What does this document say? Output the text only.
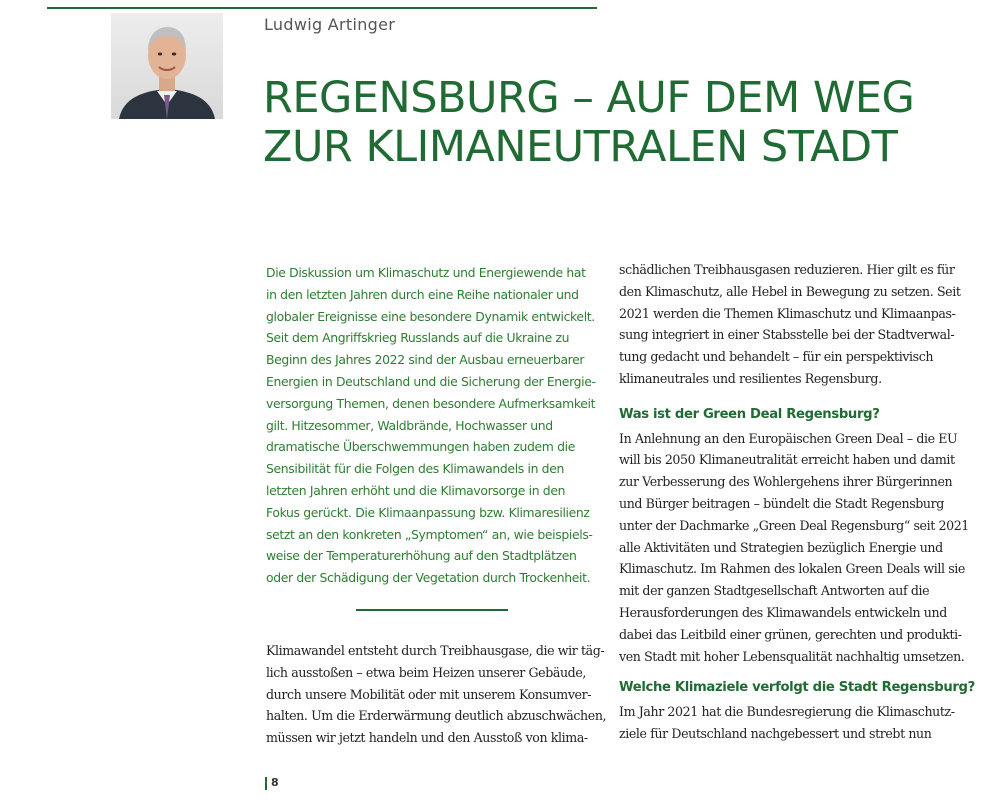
Ludwig Artinger
REGENSBURG – AUF DEM WEG
ZUR KLIMANEUTRALEN STADT
Die Diskussion um Klimaschutz und Energiewende hat
in den letzten Jahren durch eine Reihe nationaler und
globaler Ereignisse eine besondere Dynamik entwickelt.
Seit dem Angriffskrieg Russlands auf die Ukraine zu
Beginn des Jahres 2022 sind der Ausbau erneuerbarer
Energien in Deutschland und die Sicherung der Energie-
versorgung Themen, denen besondere Aufmerksamkeit
gilt. Hitzesommer, Waldbrände, Hochwasser und
dramatische Überschwemmungen haben zudem die
Sensibilität für die Folgen des Klimawandels in den
letzten Jahren erhöht und die Klimavorsorge in den
Fokus gerückt. Die Klimaanpassung bzw. Klimaresilienz
setzt an den konkreten „Symptomen“ an, wie beispiels-
weise der Temperaturerhöhung auf den Stadtplätzen
oder der Schädigung der Vegetation durch Trockenheit.
Klimawandel entsteht durch Treibhausgase, die wir täg-
lich ausstoßen – etwa beim Heizen unserer Gebäude,
durch unsere Mobilität oder mit unserem Konsumver-
halten. Um die Erderwärmung deutlich abzuschwächen,
müssen wir jetzt handeln und den Ausstoß von klima-
schädlichen Treibhausgasen reduzieren. Hier gilt es für
den Klimaschutz, alle Hebel in Bewegung zu setzen. Seit
2021 werden die Themen Klimaschutz und Klimaanpas-
sung integriert in einer Stabsstelle bei der Stadtverwal-
tung gedacht und behandelt – für ein perspektivisch
klimaneutrales und resilientes Regensburg.
Was ist der Green Deal Regensburg?
In Anlehnung an den Europäischen Green Deal – die EU
will bis 2050 Klimaneutralität erreicht haben und damit
zur Verbesserung des Wohlergehens ihrer Bürgerinnen
und Bürger beitragen – bündelt die Stadt Regensburg
unter der Dachmarke „Green Deal Regensburg“ seit 2021
alle Aktivitäten und Strategien bezüglich Energie und
Klimaschutz. Im Rahmen des lokalen Green Deals will sie
mit der ganzen Stadtgesellschaft Antworten auf die
Herausforderungen des Klimawandels entwickeln und
dabei das Leitbild einer grünen, gerechten und produkti-
ven Stadt mit hoher Lebensqualität nachhaltig umsetzen.
Welche Klimaziele verfolgt die Stadt Regensburg?
Im Jahr 2021 hat die Bundesregierung die Klimaschutz-
ziele für Deutschland nachgebessert und strebt nun
8
